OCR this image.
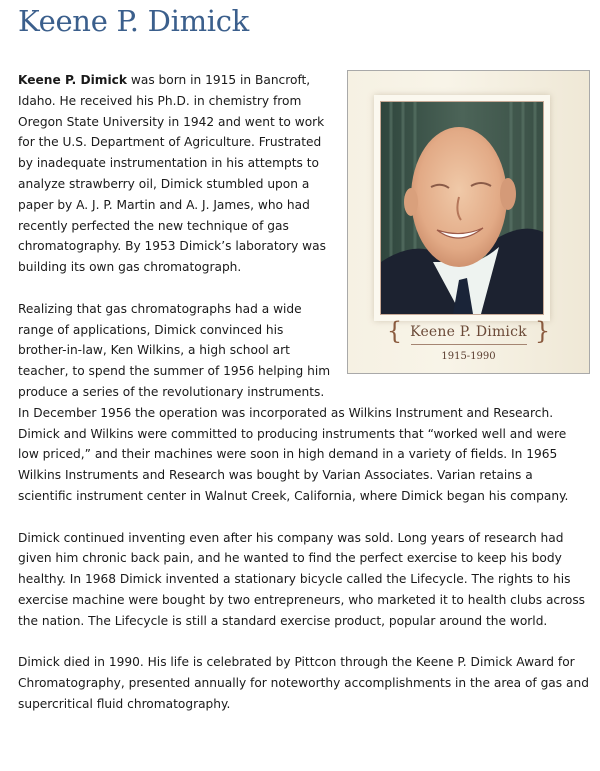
Keene P. Dimick
{ Keene P. Dimick }
1915-1990

Keene P. Dimick was born in 1915 in Bancroft, Idaho. He received his Ph.D. in chemistry from Oregon State University in 1942 and went to work for the U.S. Department of Agriculture. Frustrated by inadequate instrumentation in his attempts to analyze strawberry oil, Dimick stumbled upon a paper by A. J. P. Martin and A. J. James, who had recently perfected the new technique of gas chromatography. By 1953 Dimick’s laboratory was building its own gas chromatograph.

Realizing that gas chromatographs had a wide range of applications, Dimick convinced his brother-in-law, Ken Wilkins, a high school art teacher, to spend the summer of 1956 helping him produce a series of the revolutionary instruments. In December 1956 the operation was incorporated as Wilkins Instrument and Research. Dimick and Wilkins were committed to producing instruments that “worked well and were low priced,” and their machines were soon in high demand in a variety of fields. In 1965 Wilkins Instruments and Research was bought by Varian Associates. Varian retains a scientific instrument center in Walnut Creek, California, where Dimick began his company.

Dimick continued inventing even after his company was sold. Long years of research had given him chronic back pain, and he wanted to find the perfect exercise to keep his body healthy. In 1968 Dimick invented a stationary bicycle called the Lifecycle. The rights to his exercise machine were bought by two entrepreneurs, who marketed it to health clubs across the nation. The Lifecycle is still a standard exercise product, popular around the world.

Dimick died in 1990. His life is celebrated by Pittcon through the Keene P. Dimick Award for Chromatography, presented annually for noteworthy accomplishments in the area of gas and supercritical fluid chromatography.
